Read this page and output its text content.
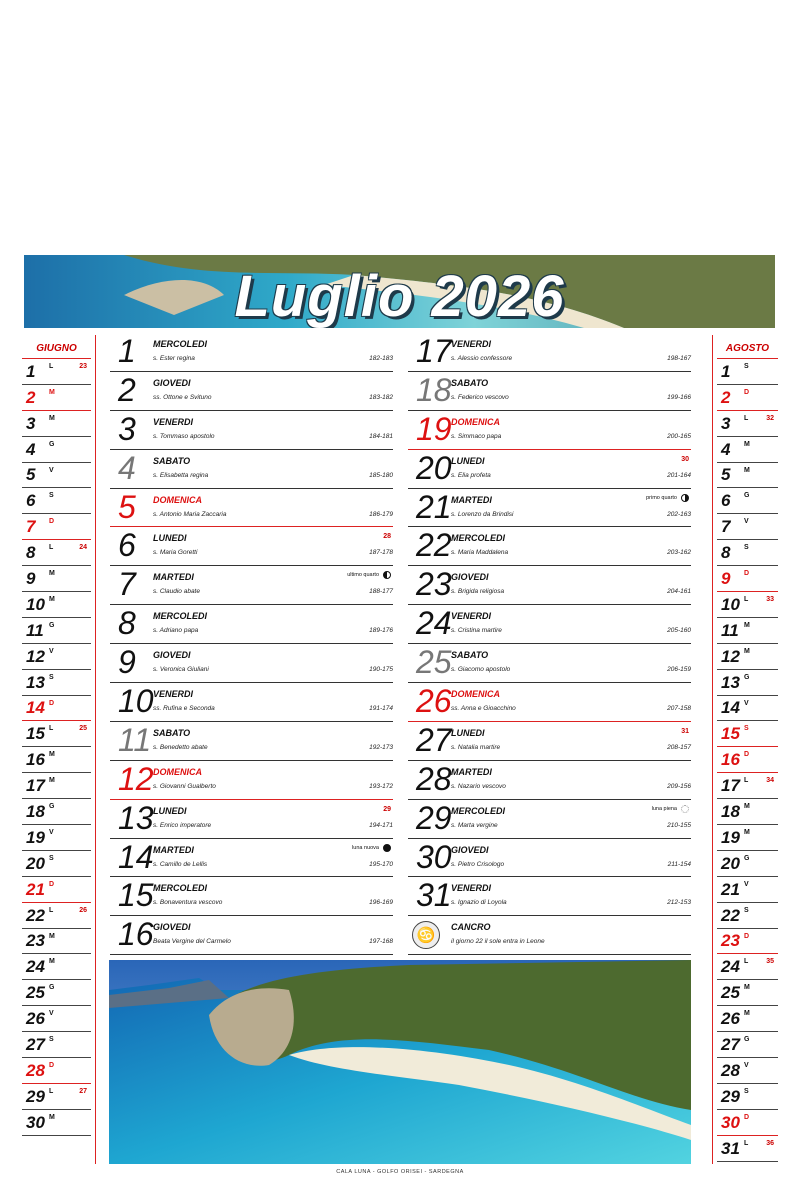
Luglio 2026
GIUGNO
1 L	23
2 M
3 M
4 G
5 V
6 S
7 D
8 L	24
9 M
10 M
11 G
12 V
13 S
14 D
15 L	25
16 M
17 M
18 G
19 V
20 S
21 D
22 L	26
23 M
24 M
25 G
26 V
27 S
28 D
29 L	27
30 M
1	MERCOLEDI
s. Ester regina	182-183
2	GIOVEDI
ss. Ottone e Svituno	183-182
3	VENERDI
s. Tommaso apostolo	184-181
4	SABATO
s. Elisabetta regina	185-180
5	DOMENICA
s. Antonio Maria Zaccaria	186-179
6	LUNEDI
s. Maria Goretti	187-178
28
7	MARTEDI
s. Claudio abate	188-177
ultimo quarto
8	MERCOLEDI
s. Adriano papa	189-176
9	GIOVEDI
s. Veronica Giuliani	190-175
10 VENERDI
ss. Rufina e Seconda	191-174
11 SABATO
s. Benedetto abate	192-173
12 DOMENICA
s. Giovanni Gualberto	193-172
13 LUNEDI
s. Enrico imperatore	194-171
29
14 MARTEDI
s. Camillo de Lellis	195-170
luna nuova
15 MERCOLEDI
s. Bonaventura vescovo	196-169
16 GIOVEDI
Beata Vergine del Carmelo	197-168
17 VENERDI
s. Alessio confessore	198-167
18 SABATO
s. Federico vescovo	199-166
19 DOMENICA
s. Simmaco papa	200-165
20 LUNEDI
s. Elia profeta	201-164
30
21 MARTEDI
s. Lorenzo da Brindisi	202-163
primo quarto
22 MERCOLEDI
s. Maria Maddalena	203-162
23 GIOVEDI
s. Brigida religiosa	204-161
24 VENERDI
s. Cristina martire	205-160
25 SABATO
s. Giacomo apostolo	206-159
26 DOMENICA
ss. Anna e Gioacchino	207-158
27 LUNEDI
s. Natalia martire	208-157
31
28 MARTEDI
s. Nazario vescovo	209-156
29 MERCOLEDI
s. Marta vergine	210-155
luna piena
30 GIOVEDI
s. Pietro Crisologo	211-154
31 VENERDI
s. Ignazio di Loyola	212-153
♋	CANCRO
il giorno 22 il sole entra in Leone
AGOSTO
1 S
2 D
3 L	32
4 M
5 M
6 G
7 V
8 S
9 D
10 L	33
11 M
12 M
13 G
14 V
15 S
16 D
17 L	34
18 M
19 M
20 G
21 V
22 S
23 D
24 L	35
25 M
26 M
27 G
28 V
29 S
30 D
31 L	36
CALA LUNA - GOLFO ORISEI - SARDEGNA
